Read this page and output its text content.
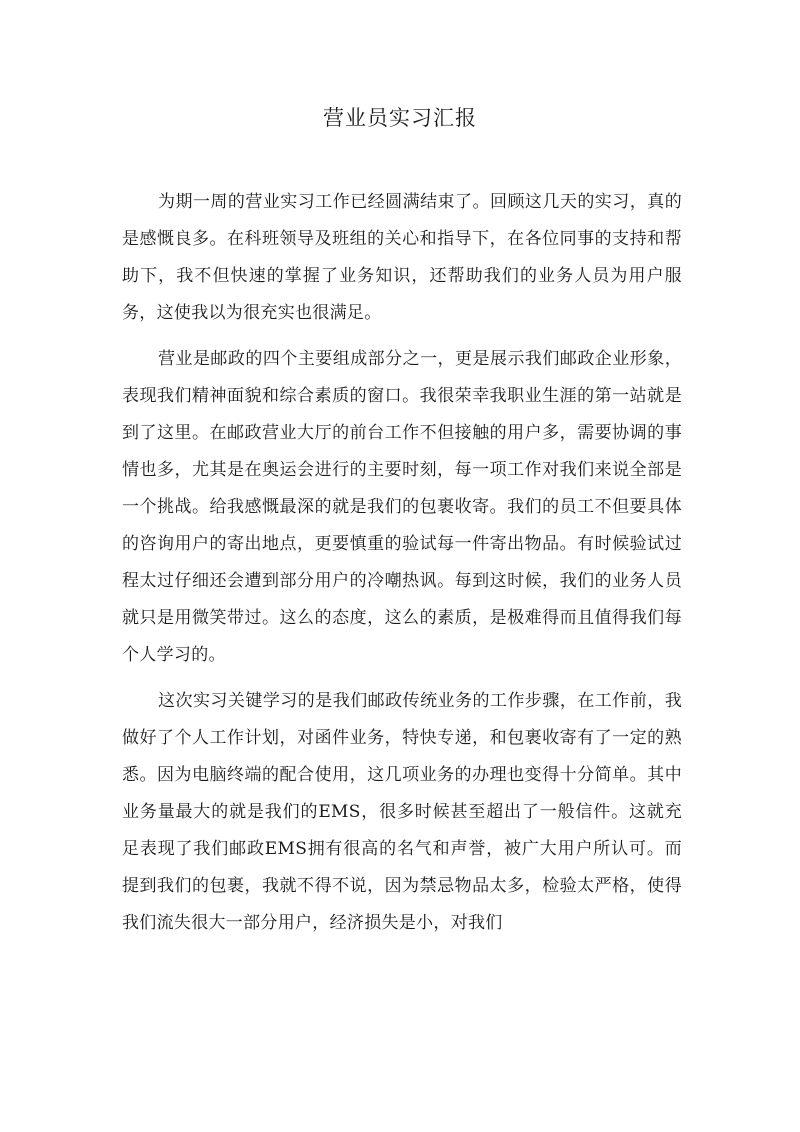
营业员实习汇报

为期一周的营业实习工作已经圆满结束了。回顾这几天的实习，真的是感慨良多。在科班领导及班组的关心和指导下，在各位同事的支持和帮助下，我不但快速的掌握了业务知识，还帮助我们的业务人员为用户服务，这使我以为很充实也很满足。

营业是邮政的四个主要组成部分之一，更是展示我们邮政企业形象，表现我们精神面貌和综合素质的窗口。我很荣幸我职业生涯的第一站就是到了这里。在邮政营业大厅的前台工作不但接触的用户多，需要协调的事情也多，尤其是在奥运会进行的主要时刻，每一项工作对我们来说全部是一个挑战。给我感慨最深的就是我们的包裹收寄。我们的员工不但要具体的咨询用户的寄出地点，更要慎重的验试每一件寄出物品。有时候验试过程太过仔细还会遭到部分用户的冷嘲热讽。每到这时候，我们的业务人员就只是用微笑带过。这么的态度，这么的素质，是极难得而且值得我们每个人学习的。

这次实习关键学习的是我们邮政传统业务的工作步骤，在工作前，我做好了个人工作计划，对函件业务，特快专递，和包裹收寄有了一定的熟悉。因为电脑终端的配合使用，这几项业务的办理也变得十分简单。其中业务量最大的就是我们的EMS，很多时候甚至超出了一般信件。这就充足表现了我们邮政EMS拥有很高的名气和声誉，被广大用户所认可。而提到我们的包裹，我就不得不说，因为禁忌物品太多，检验太严格，使得我们流失很大一部分用户，经济损失是小，对我们
